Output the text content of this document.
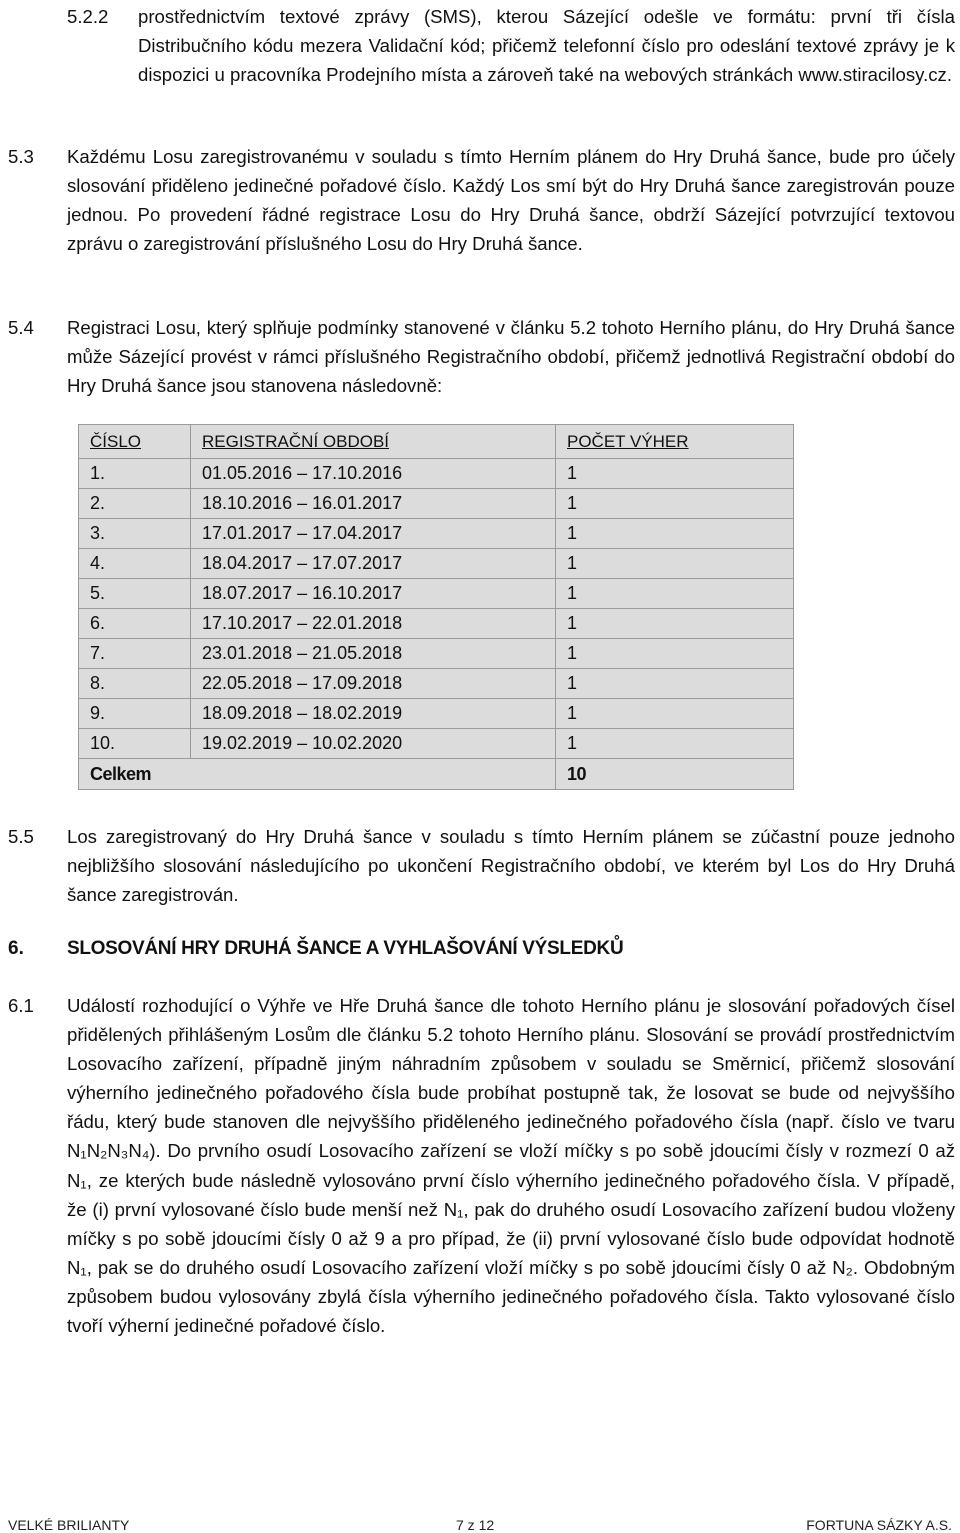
5.2.2 prostřednictvím textové zprávy (SMS), kterou Sázející odešle ve formátu: první tři čísla Distribučního kódu mezera Validační kód; přičemž telefonní číslo pro odeslání textové zprávy je k dispozici u pracovníka Prodejního místa a zároveň také na webových stránkách www.stiracilosy.cz.

5.3 Každému Losu zaregistrovanému v souladu s tímto Herním plánem do Hry Druhá šance, bude pro účely slosování přiděleno jedinečné pořadové číslo. Každý Los smí být do Hry Druhá šance zaregistrován pouze jednou. Po provedení řádné registrace Losu do Hry Druhá šance, obdrží Sázející potvrzující textovou zprávu o zaregistrování příslušného Losu do Hry Druhá šance.

5.4 Registraci Losu, který splňuje podmínky stanovené v článku 5.2 tohoto Herního plánu, do Hry Druhá šance může Sázející provést v rámci příslušného Registračního období, přičemž jednotlivá Registrační období do Hry Druhá šance jsou stanovena následovně:

ČÍSLO	REGISTRAČNÍ OBDOBÍ	POČET VÝHER
1.	01.05.2016 – 17.10.2016	1
2.	18.10.2016 – 16.01.2017	1
3.	17.01.2017 – 17.04.2017	1
4.	18.04.2017 – 17.07.2017	1
5.	18.07.2017 – 16.10.2017	1
6.	17.10.2017 – 22.01.2018	1
7.	23.01.2018 – 21.05.2018	1
8.	22.05.2018 – 17.09.2018	1
9.	18.09.2018 – 18.02.2019	1
10.	19.02.2019 – 10.02.2020	1
Celkem		10
5.5 Los zaregistrovaný do Hry Druhá šance v souladu s tímto Herním plánem se zúčastní pouze jednoho nejbližšího slosování následujícího po ukončení Registračního období, ve kterém byl Los do Hry Druhá šance zaregistrován.

6. SLOSOVÁNÍ HRY DRUHÁ ŠANCE A VYHLAŠOVÁNÍ VÝSLEDKŮ
6.1 Událostí rozhodující o Výhře ve Hře Druhá šance dle tohoto Herního plánu je slosování pořadových čísel přidělených přihlášeným Losům dle článku 5.2 tohoto Herního plánu. Slosování se provádí prostřednictvím Losovacího zařízení, případně jiným náhradním způsobem v souladu se Směrnicí, přičemž slosování výherního jedinečného pořadového čísla bude probíhat postupně tak, že losovat se bude od nejvyššího řádu, který bude stanoven dle nejvyššího přiděleného jedinečného pořadového čísla (např. číslo ve tvaru N₁N₂N₃N₄). Do prvního osudí Losovacího zařízení se vloží míčky s po sobě jdoucími čísly v rozmezí 0 až N₁, ze kterých bude následně vylosováno první číslo výherního jedinečného pořadového čísla. V případě, že (i) první vylosované číslo bude menší než N₁, pak do druhého osudí Losovacího zařízení budou vloženy míčky s po sobě jdoucími čísly 0 až 9 a pro případ, že (ii) první vylosované číslo bude odpovídat hodnotě N₁, pak se do druhého osudí Losovacího zařízení vloží míčky s po sobě jdoucími čísly 0 až N₂. Obdobným způsobem budou vylosovány zbylá čísla výherního jedinečného pořadového čísla. Takto vylosované číslo tvoří výherní jedinečné pořadové číslo.

VELKÉ BRILIANTY	7 z 12	FORTUNA SÁZKY A.S.
